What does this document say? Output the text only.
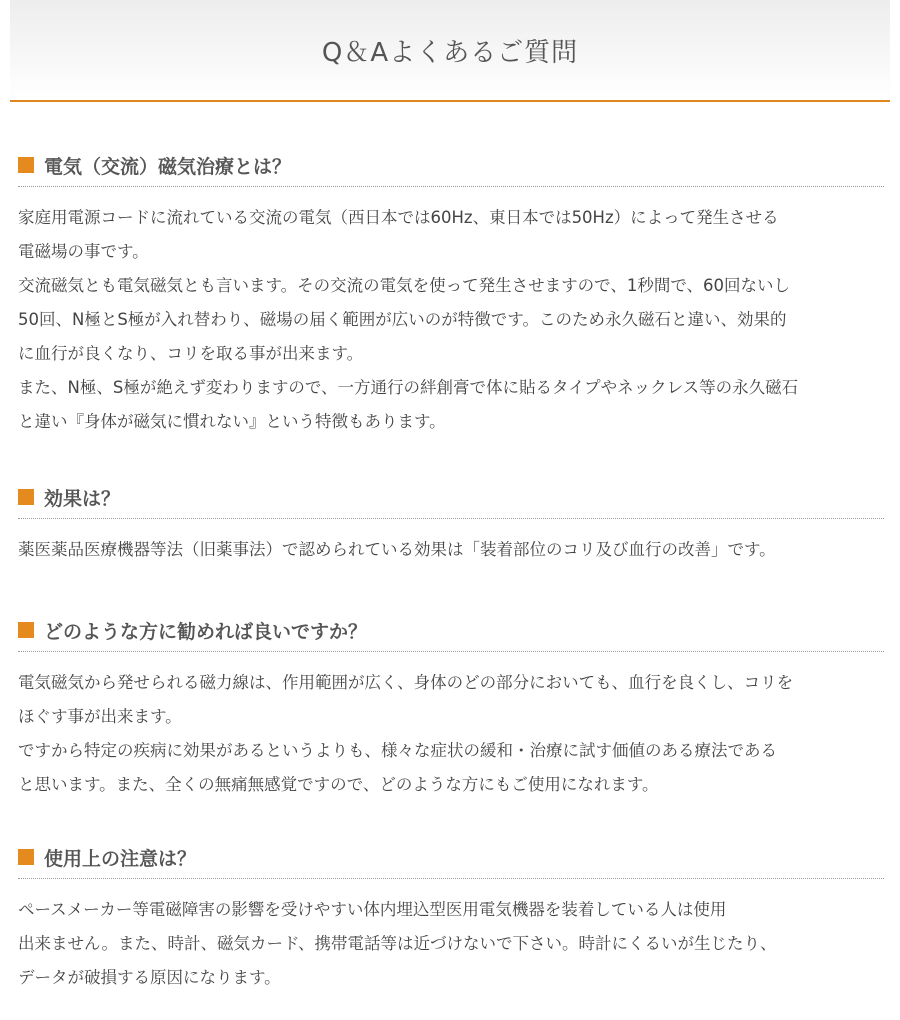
Q＆Aよくあるご質問
電気（交流）磁気治療とは？

家庭用電源コードに流れている交流の電気（西日本では60Hz、東日本では50Hz）によって発生させる

電磁場の事です。

交流磁気とも電気磁気とも言います。その交流の電気を使って発生させますので、1秒間で、60回ないし

50回、N極とS極が入れ替わり、磁場の届く範囲が広いのが特徴です。このため永久磁石と違い、効果的

に血行が良くなり、コリを取る事が出来ます。

また、N極、S極が絶えず変わりますので、一方通行の絆創膏で体に貼るタイプやネックレス等の永久磁石

と違い『身体が磁気に慣れない』という特徴もあります。

効果は？

薬医薬品医療機器等法（旧薬事法）で認められている効果は「装着部位のコリ及び血行の改善」です。

どのような方に勧めれば良いですか？

電気磁気から発せられる磁力線は、作用範囲が広く、身体のどの部分においても、血行を良くし、コリを

ほぐす事が出来ます。

ですから特定の疾病に効果があるというよりも、様々な症状の緩和・治療に試す価値のある療法である

と思います。また、全くの無痛無感覚ですので、どのような方にもご使用になれます。

使用上の注意は？

ペースメーカー等電磁障害の影響を受けやすい体内埋込型医用電気機器を装着している人は使用

出来ません。また、時計、磁気カード、携帯電話等は近づけないで下さい。時計にくるいが生じたり、

データが破損する原因になります。
